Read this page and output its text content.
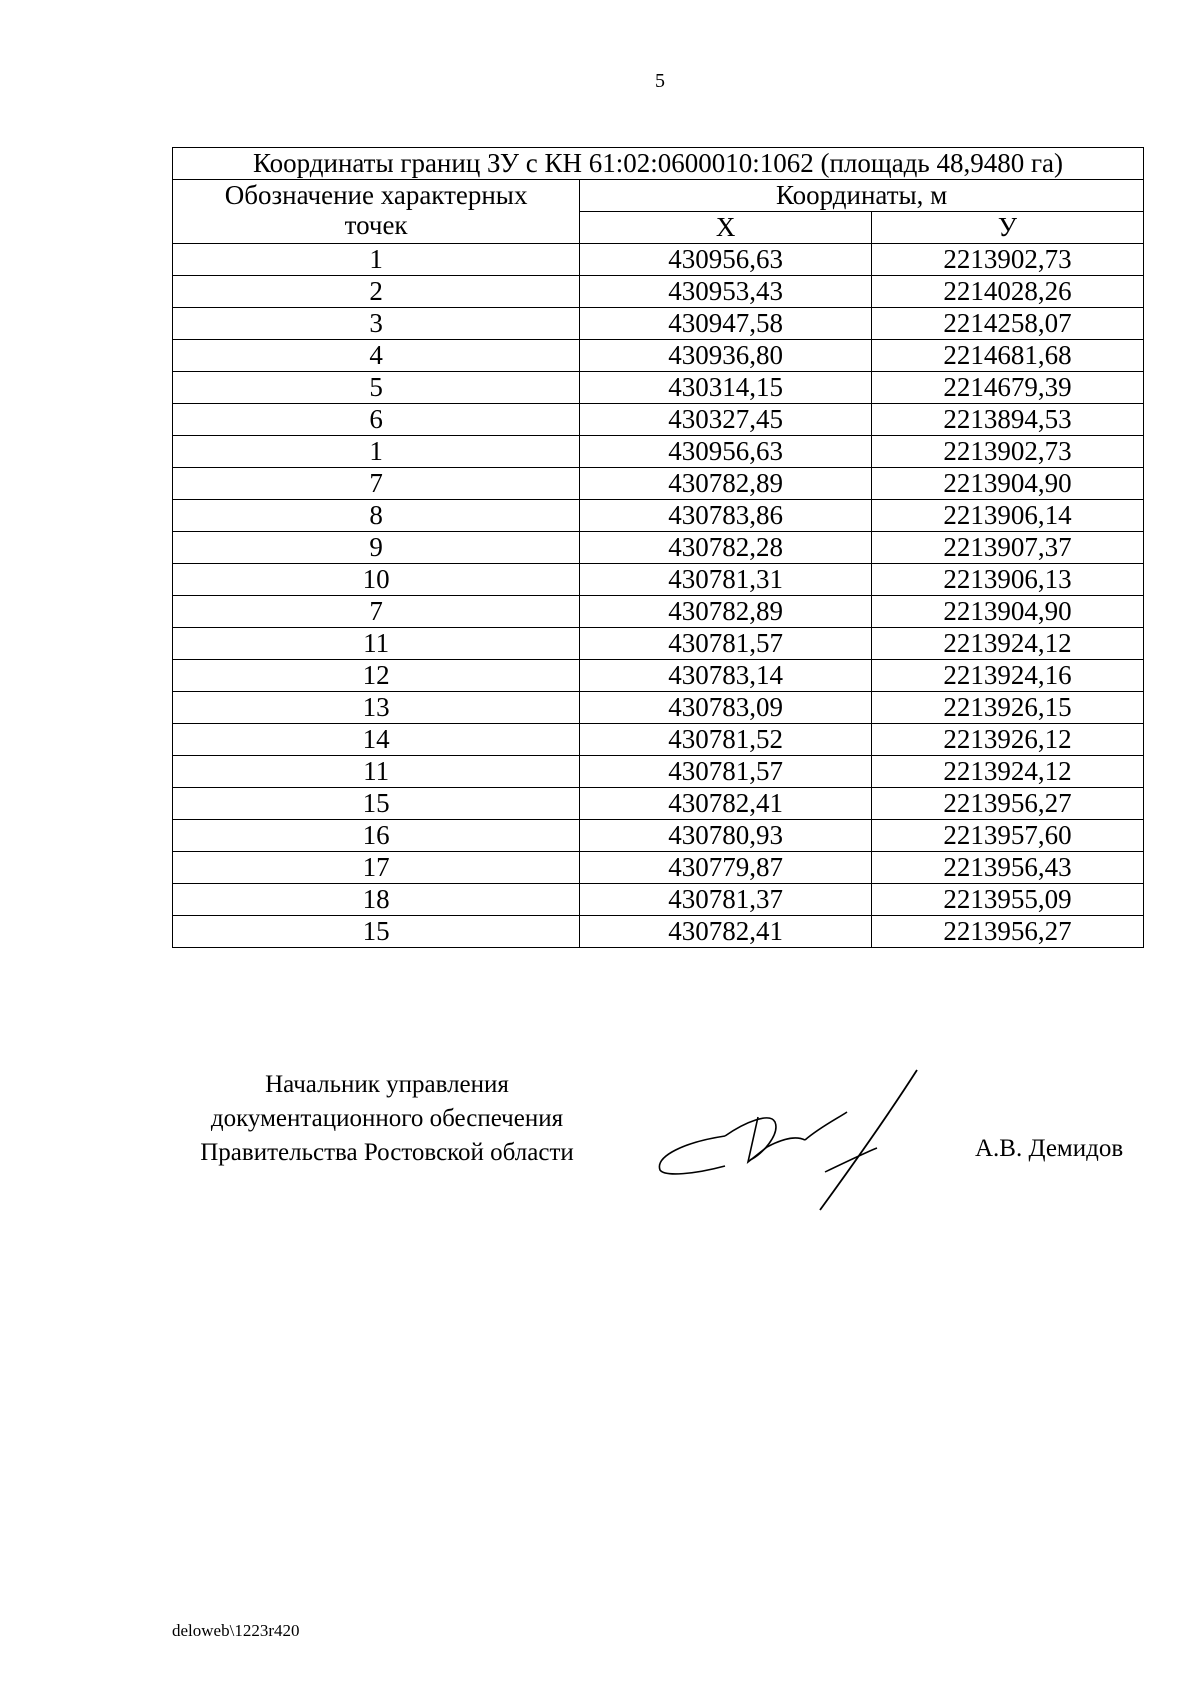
5
Координаты границ ЗУ с КН 61:02:0600010:1062 (площадь 48,9480 га)		
Обозначение характерных
точек	Координаты, м	
	X	У
1	430956,63	2213902,73
2	430953,43	2214028,26
3	430947,58	2214258,07
4	430936,80	2214681,68
5	430314,15	2214679,39
6	430327,45	2213894,53
1	430956,63	2213902,73
7	430782,89	2213904,90
8	430783,86	2213906,14
9	430782,28	2213907,37
10	430781,31	2213906,13
7	430782,89	2213904,90
11	430781,57	2213924,12
12	430783,14	2213924,16
13	430783,09	2213926,15
14	430781,52	2213926,12
11	430781,57	2213924,12
15	430782,41	2213956,27
16	430780,93	2213957,60
17	430779,87	2213956,43
18	430781,37	2213955,09
15	430782,41	2213956,27
Начальник управления
документационного обеспечения
Правительства Ростовской области	А.В. Демидов
deloweb\1223r420
